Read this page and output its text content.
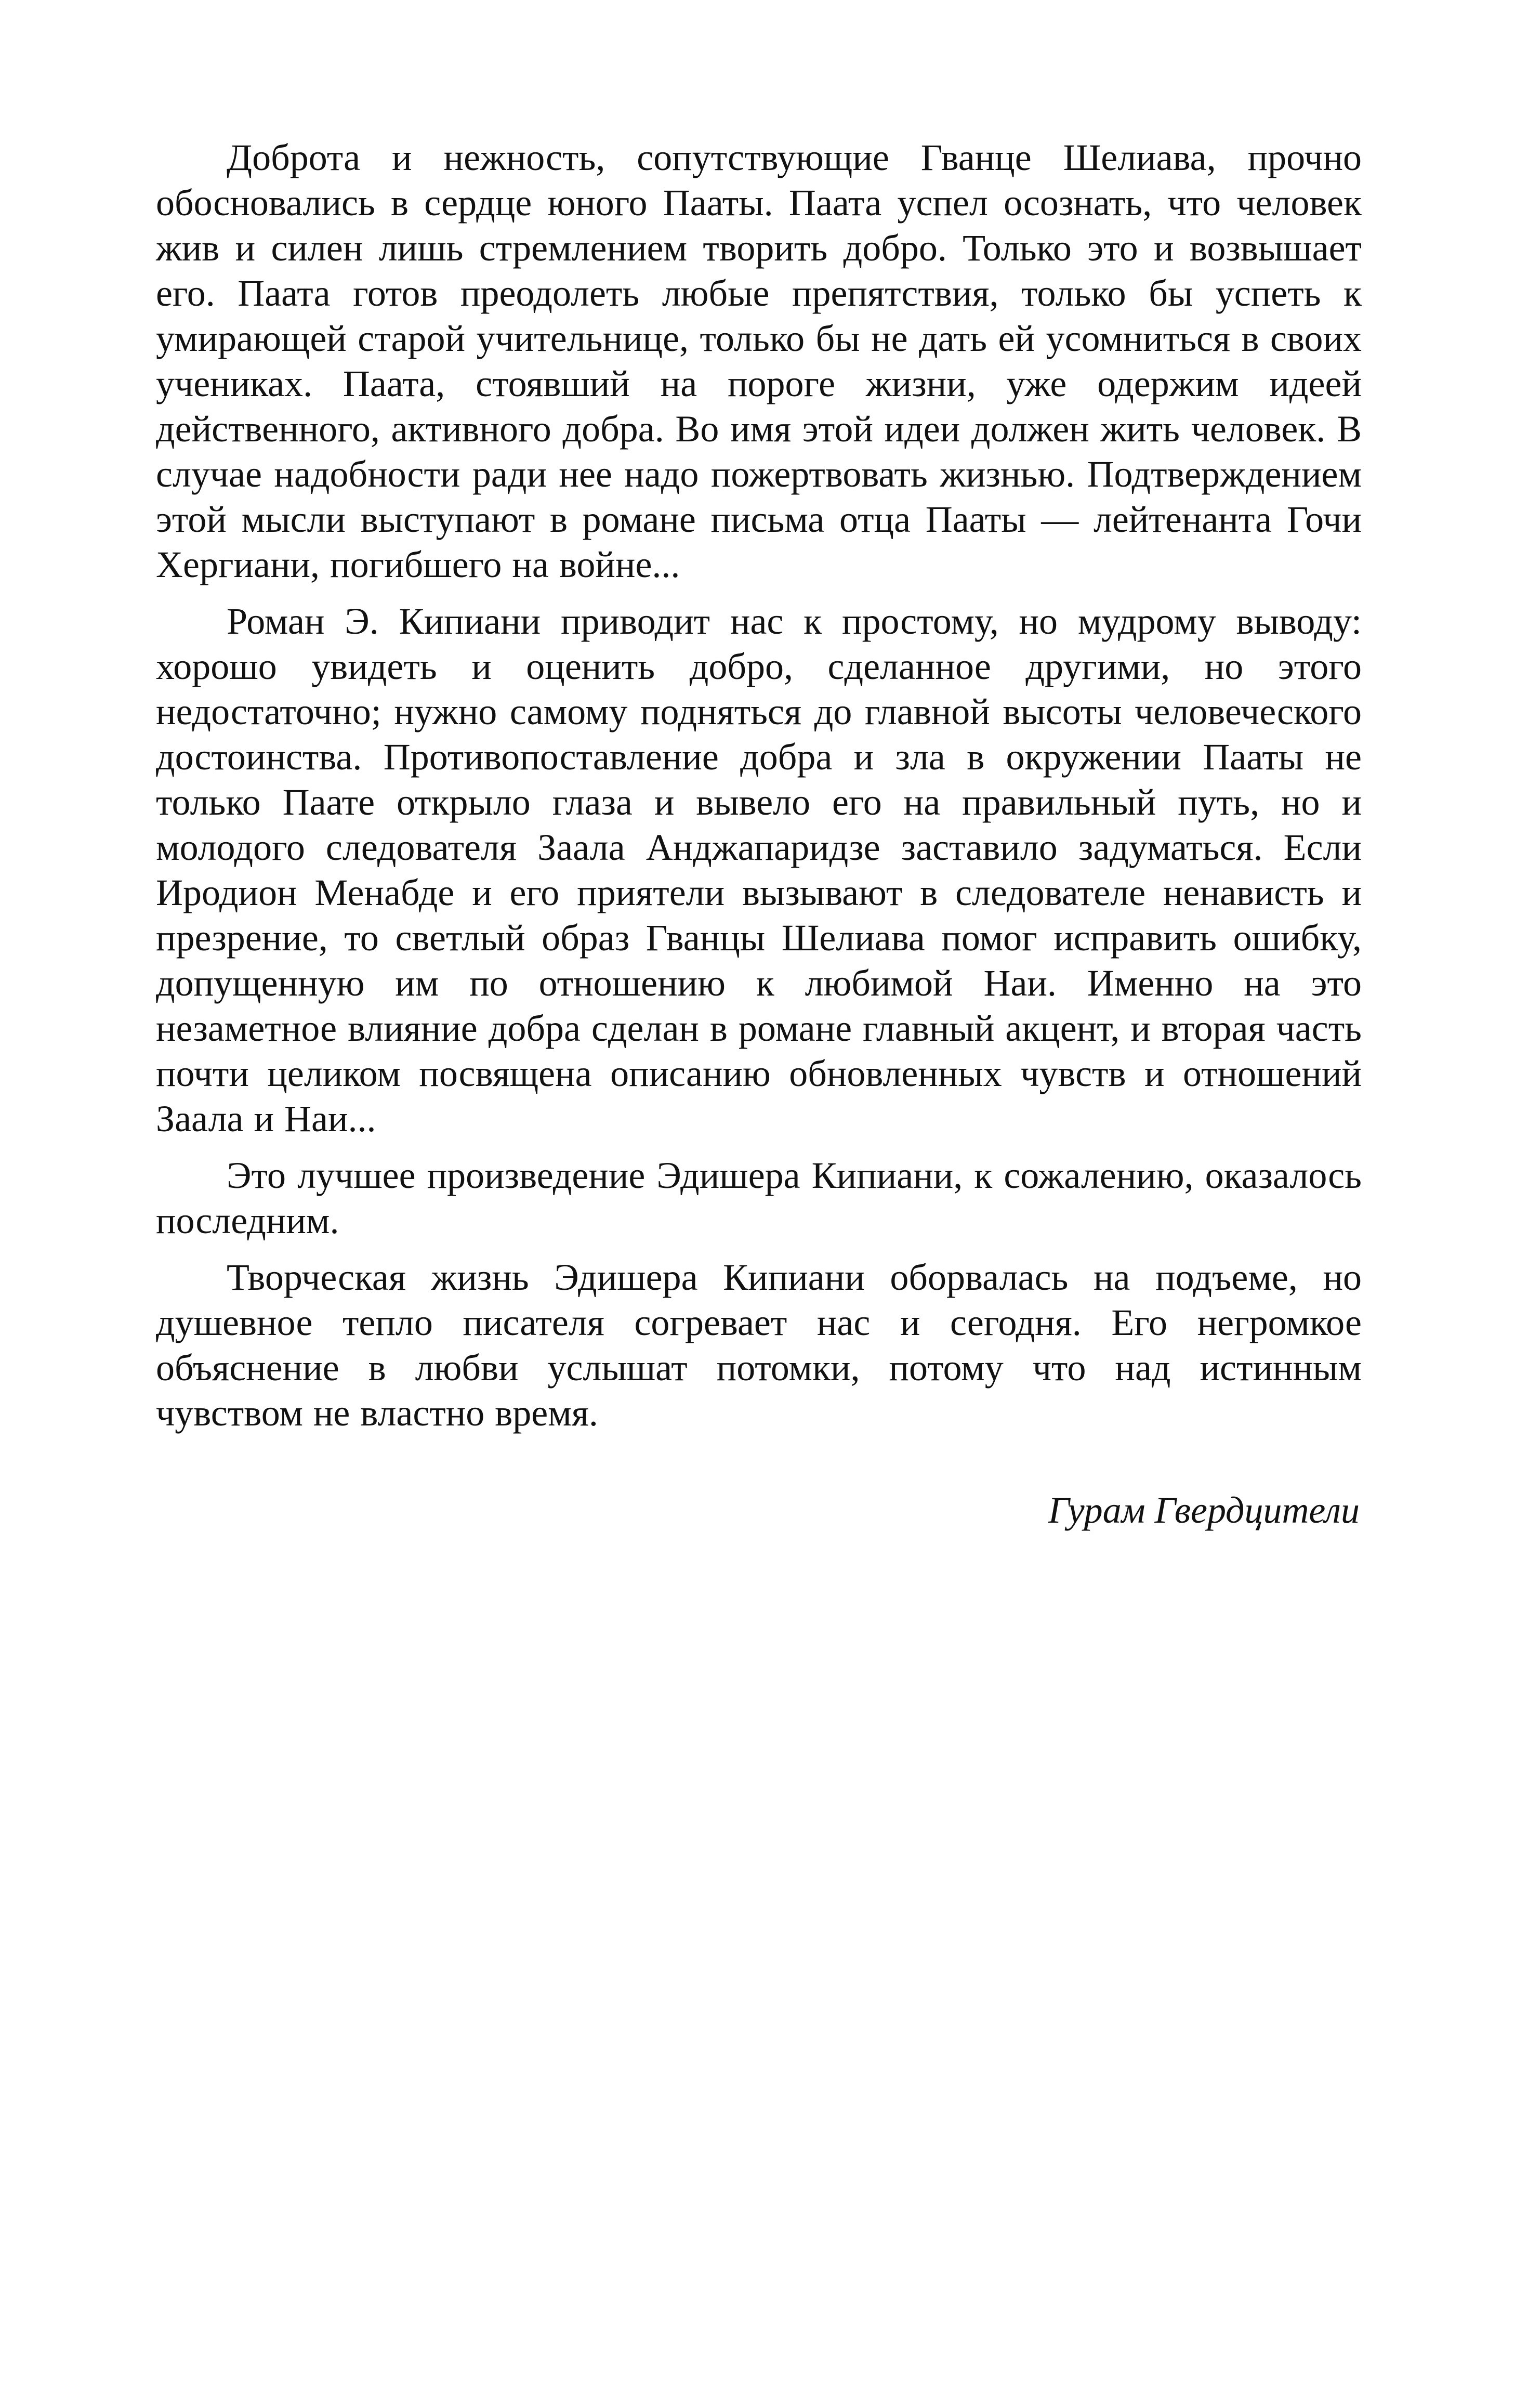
Доброта и нежность, сопутствующие Гванце Шелиава, прочно обосновались в сердце юного Пааты. Паата успел осознать, что человек жив и силен лишь стремлением творить добро. Только это и возвышает его. Паата готов преодолеть любые препятствия, только бы успеть к умирающей старой учительнице, только бы не дать ей усомниться в своих учениках. Паата, стоявший на пороге жизни, уже одержим идеей действенного, активного добра. Во имя этой идеи должен жить человек. В случае надобности ради нее надо пожертвовать жизнью. Подтверждением этой мысли выступают в романе письма отца Пааты — лейтенанта Гочи Хергиани, погибшего на войне...

Роман Э. Кипиани приводит нас к простому, но мудрому выводу: хорошо увидеть и оценить добро, сделанное другими, но этого недостаточно; нужно самому подняться до главной высоты человеческого достоинства. Противопоставление добра и зла в окружении Пааты не только Паате открыло глаза и вывело его на правильный путь, но и молодого следователя Заала Анджапаридзе заставило задуматься. Если Иродион Менабде и его приятели вызывают в следователе ненависть и презрение, то светлый образ Гванцы Шелиава помог исправить ошибку, допущенную им по отношению к любимой Наи. Именно на это незаметное влияние добра сделан в романе главный акцент, и вторая часть почти целиком посвящена описанию обновленных чувств и отношений Заала и Наи...

Это лучшее произведение Эдишера Кипиани, к сожалению, оказалось последним.

Творческая жизнь Эдишера Кипиани оборвалась на подъеме, но душевное тепло писателя согревает нас и сегодня. Его негромкое объяснение в любви услышат потомки, потому что над истинным чувством не властно время.

Гурам Гвердцители
